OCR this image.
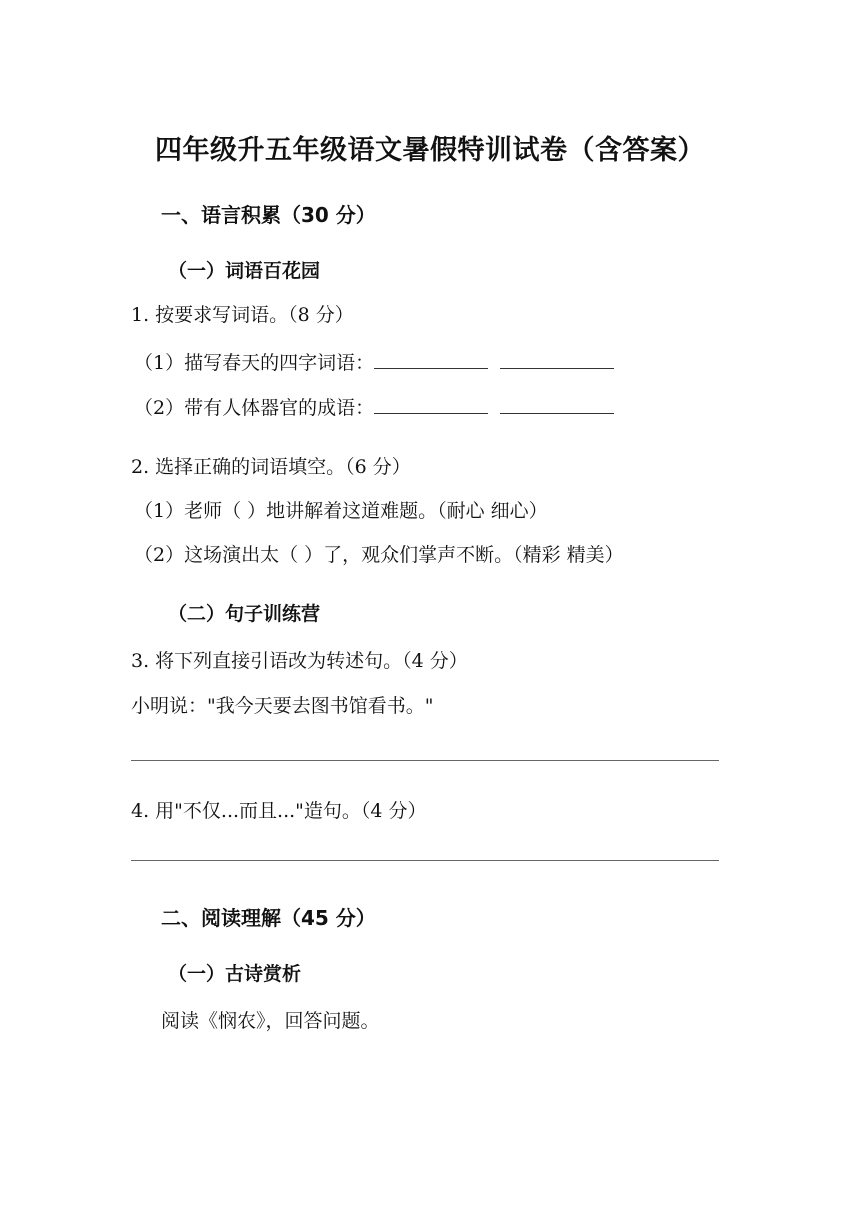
四年级升五年级语文暑假特训试卷（含答案）
一、语言积累（30 分）
（一）词语百花园
1. 按要求写词语。（8 分）
（1）描写春天的四字词语：
（2）带有人体器官的成语：
2. 选择正确的词语填空。（6 分）
（1）老师（ ）地讲解着这道难题。（耐心 细心）
（2）这场演出太（ ）了，观众们掌声不断。（精彩 精美）
（二）句子训练营
3. 将下列直接引语改为转述句。（4 分）
小明说："我今天要去图书馆看书。"
4. 用"不仅...而且..."造句。（4 分）
二、阅读理解（45 分）
（一）古诗赏析
阅读《悯农》，回答问题。
